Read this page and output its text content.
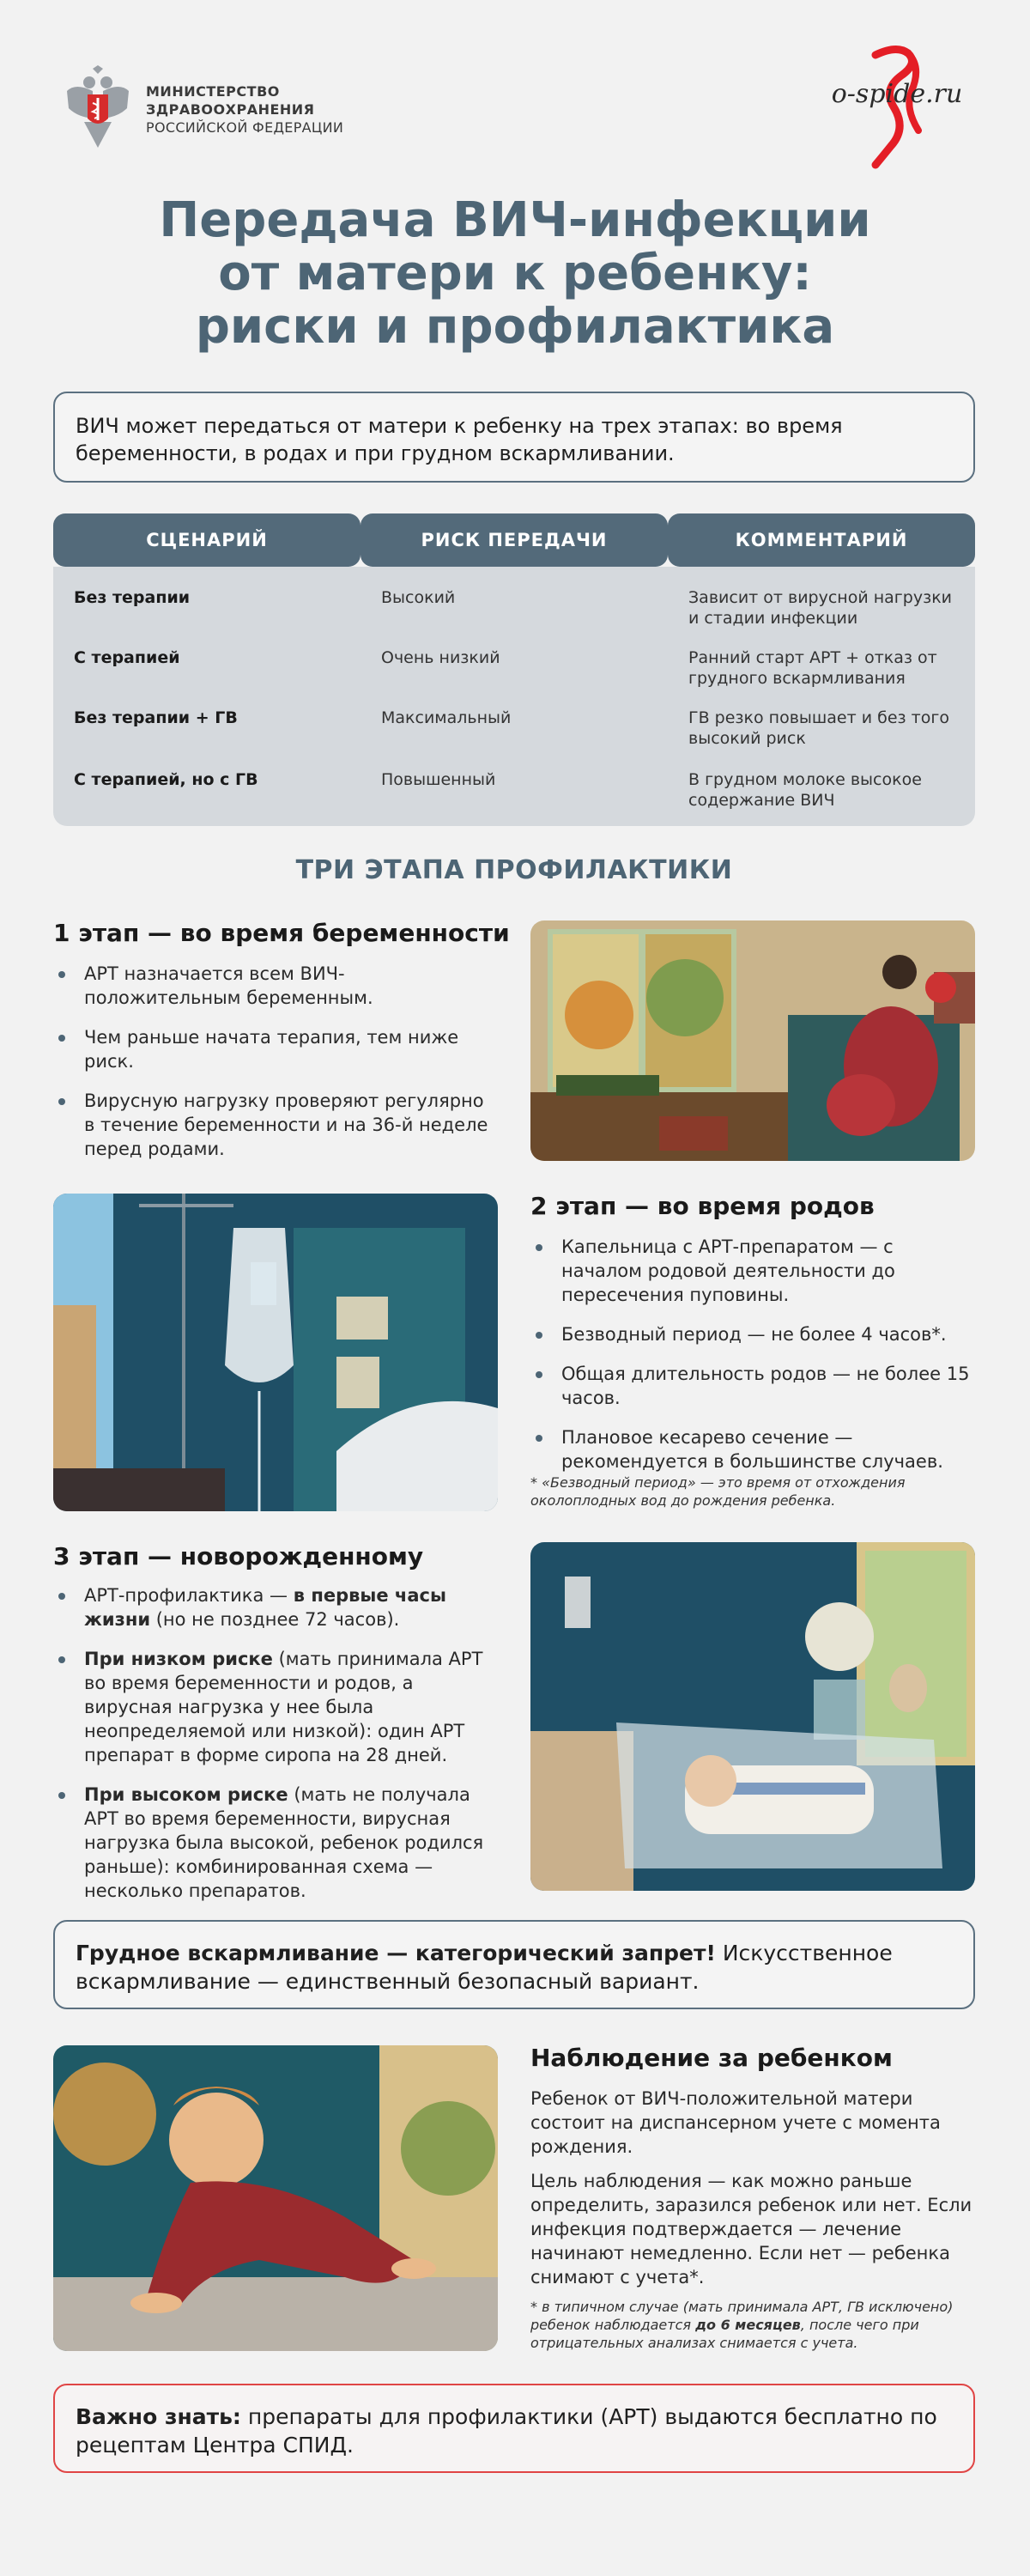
МИНИСТЕРСТВО
ЗДРАВООХРАНЕНИЯ
РОССИЙСКОЙ ФЕДЕРАЦИИ
o-spide.ru
Передача ВИЧ-инфекции
от матери к ребенку:
риски и профилактика
ВИЧ может передаться от матери к ребенку на трех этапах: во время беременности, в родах и при грудном вскармливании.
СЦЕНАРИЙ	РИСК ПЕРЕДАЧИ	КОММЕНТАРИЙ
Без терапии	Высокий	Зависит от вирусной нагрузки и стадии инфекции
С терапией	Очень низкий	Ранний старт АРТ + отказ от грудного вскармливания
Без терапии + ГВ	Максимальный	ГВ резко повышает и без того высокий риск
С терапией, но с ГВ	Повышенный	В грудном молоке высокое содержание ВИЧ
ТРИ ЭТАПА ПРОФИЛАКТИКИ
1 этап — во время беременности
АРТ назначается всем ВИЧ-положительным беременным.
Чем раньше начата терапия, тем ниже риск.
Вирусную нагрузку проверяют регулярно в течение беременности и на 36-й неделе перед родами.
2 этап — во время родов
Капельница с АРТ-препаратом — с началом родовой деятельности до пересечения пуповины.
Безводный период — не более 4 часов*.
Общая длительность родов — не более 15 часов.
Плановое кесарево сечение — рекомендуется в большинстве случаев.
* «Безводный период» — это время от отхождения околоплодных вод до рождения ребенка.
3 этап — новорожденному
АРТ-профилактика — в первые часы жизни (но не позднее 72 часов).
При низком риске (мать принимала АРТ во время беременности и родов, а вирусная нагрузка у нее была неопределяемой или низкой): один АРТ препарат в форме сиропа на 28 дней.
При высоком риске (мать не получала АРТ во время беременности, вирусная нагрузка была высокой, ребенок родился раньше): комбинированная схема — несколько препаратов.
Грудное вскармливание — категорический запрет! Искусственное вскармливание — единственный безопасный вариант.
Наблюдение за ребенком

Ребенок от ВИЧ-положительной матери состоит на диспансерном учете с момента рождения.

Цель наблюдения — как можно раньше определить, заразился ребенок или нет. Если инфекция подтверждается — лечение начинают немедленно. Если нет — ребенка снимают с учета*.

* в типичном случае (мать принимала АРТ, ГВ исключено) ребенок наблюдается до 6 месяцев, после чего при отрицательных анализах снимается с учета.
Важно знать: препараты для профилактики (АРТ) выдаются бесплатно по рецептам Центра СПИД.
